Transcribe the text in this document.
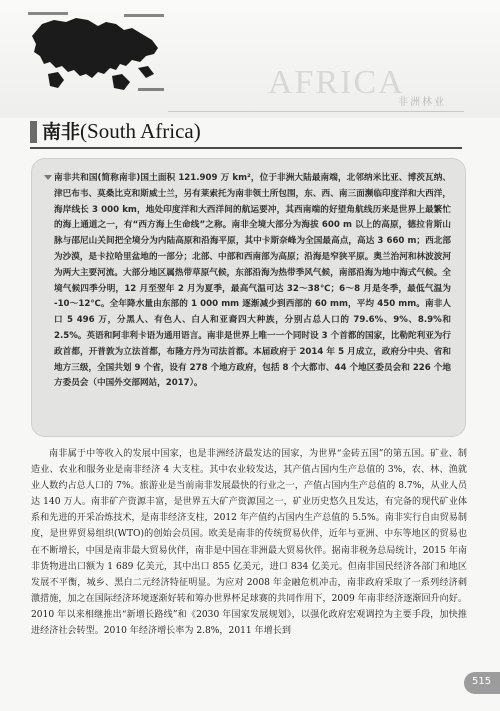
AFRICA
非洲林业
南非(South Africa)

南非共和国(简称南非)国土面积 121.909 万 km²，位于非洲大陆最南端，北邻纳米比亚、博茨瓦纳、津巴布韦、莫桑比克和斯威士兰，另有莱索托为南非领土所包围，东、西、南三面濒临印度洋和大西洋，海岸线长 3 000 km，地处印度洋和大西洋间的航运要冲，其西南端的好望角航线历来是世界上最繁忙的海上通道之一，有“西方海上生命线”之称。南非全境大部分为海拔 600 m 以上的高原，德拉肯斯山脉与邵尼山关间把全境分为内陆高原和沿海平原，其中卡斯奈峰为全国最高点，高达 3 660 m；西北部为沙漠，是卡拉哈里盆地的一部分；北部、中部和西南部为高原；沿海是窄狭平原。奥兰治河和林波波河为两大主要河流。大部分地区属热带草原气候，东部沿海为热带季风气候，南部沿海为地中海式气候。全境气候四季分明，12 月至翌年 2 月为夏季，最高气温可达 32～38℃；6～8 月是冬季，最低气温为 -10～12℃。全年降水量由东部的 1 000 mm 逐渐减少到西部的 60 mm，平均 450 mm。南非人口 5 496 万，分黑人、有色人、白人和亚裔四大种族，分别占总人口的 79.6%、9%、8.9%和 2.5%。英语和阿非利卡语为通用语言。南非是世界上唯一一个同时设 3 个首都的国家，比勒陀利亚为行政首都，开普敦为立法首都，布隆方丹为司法首都。本届政府于 2014 年 5 月成立，政府分中央、省和地方三级，全国共划 9 个省，设有 278 个地方政府，包括 8 个大都市、44 个地区委员会和 226 个地方委员会（中国外交部网站，2017）。

南非属于中等收入的发展中国家，也是非洲经济最发达的国家，为世界“金砖五国”的第五国。矿业、制造业、农业和服务业是南非经济 4 大支柱。其中农业较发达，其产值占国内生产总值的 3%，农、林、渔就业人数约占总人口的 7%。旅游业是当前南非发展最快的行业之一，产值占国内生产总值的 8.7%，从业人员达 140 万人。南非矿产资源丰富，是世界五大矿产资源国之一，矿业历史悠久且发达，有完备的现代矿业体系和先进的开采冶炼技术，是南非经济支柱，2012 年产值约占国内生产总值的 5.5%。南非实行自由贸易制度，是世界贸易组织(WTO)的创始会员国。欧美是南非的传统贸易伙伴，近年与亚洲、中东等地区的贸易也在不断增长，中国是南非最大贸易伙伴，南非是中国在非洲最大贸易伙伴。据南非税务总局统计，2015 年南非货物进出口额为 1 689 亿美元，其中出口 855 亿美元，进口 834 亿美元。但南非国民经济各部门和地区发展不平衡，城乡、黑白二元经济特征明显。为应对 2008 年金融危机冲击，南非政府采取了一系列经济刺激措施，加之在国际经济环境逐渐好转和筹办世界杯足球赛的共同作用下，2009 年南非经济逐渐回升向好。2010 年以来相继推出“新增长路线”和《2030 年国家发展规划》，以强化政府宏观调控为主要手段，加快推进经济社会转型。2010 年经济增长率为 2.8%，2011 年增长到

515
